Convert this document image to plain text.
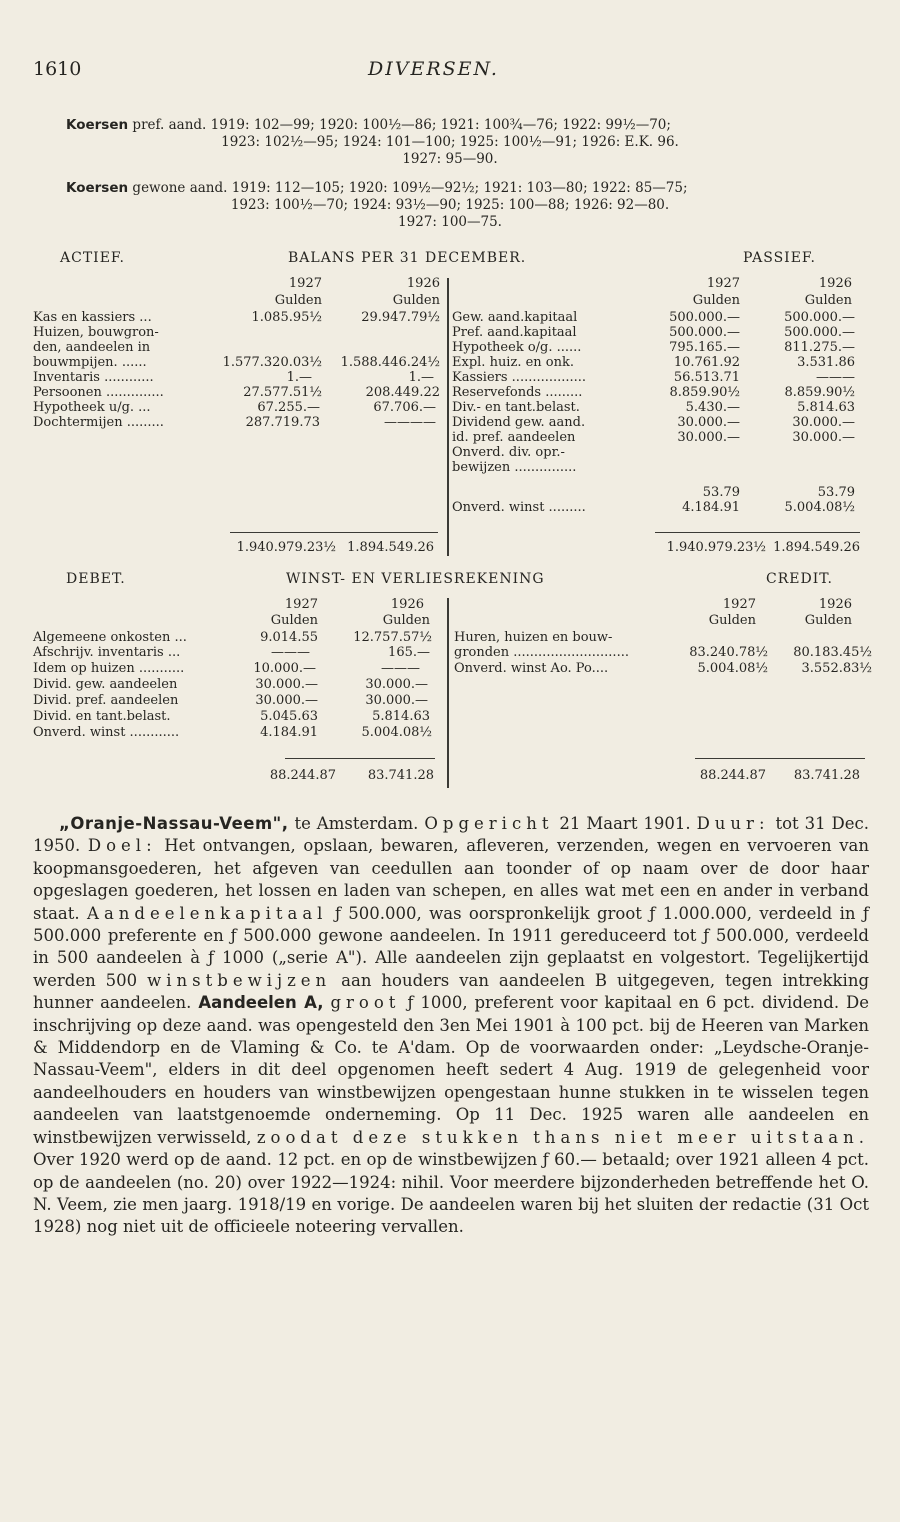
1610	DIVERSEN.
Koersen pref. aand. 1919: 102—99; 1920: 100½—86; 1921: 100¾—76; 1922: 99½—70;
1923: 102½—95; 1924: 101—100; 1925: 100½—91; 1926: E.K. 96.
1927: 95—90.
Koersen gewone aand. 1919: 112—105; 1920: 109½—92½; 1921: 103—80; 1922: 85—75;
1923: 100½—70; 1924: 93½—90; 1925: 100—88; 1926: 92—80.
1927: 100—75.
ACTIEF.	BALANS PER 31 DECEMBER.	PASSIEF.
1927	1926	1927	1926
Gulden	Gulden	Gulden	Gulden
Kas en kassiers ...	1.085.95½	29.947.79½
Huizen, bouwgron-
den, aandeelen in
bouwmpijen. ......	1.577.320.03½	1.588.446.24½
Inventaris ............	1.—	1.—
Persoonen ..............	27.577.51½	208.449.22
Hypotheek u/g. ...	67.255.—	67.706.—
Dochtermijen .........	287.719.73	————
Gew. aand.kapitaal	500.000.—	500.000.—
Pref. aand.kapitaal	500.000.—	500.000.—
Hypotheek o/g. ......	795.165.—	811.275.—
Expl. huiz. en onk.	10.761.92	3.531.86
Kassiers ..................	56.513.71	———
Reservefonds .........	8.859.90½	8.859.90½
Div.- en tant.belast.	5.430.—	5.814.63
Dividend gew. aand.	30.000.—	30.000.—
id. pref. aandeelen	30.000.—	30.000.—
Onverd. div. opr.-
bewijzen ...............
53.79	53.79
Onverd. winst .........	4.184.91	5.004.08½
1.940.979.23½ 1.894.549.26	1.940.979.23½ 1.894.549.26
DEBET.	WINST- EN VERLIESREKENING	CREDIT.
1927	1926	1927	1926
Gulden	Gulden	Gulden	Gulden
Algemeene onkosten ...	9.014.55	12.757.57½
Afschrijv. inventaris ...	———	165.—
Idem op huizen ...........	10.000.—	———
Divid. gew. aandeelen	30.000.—	30.000.—
Divid. pref. aandeelen	30.000.—	30.000.—
Divid. en tant.belast.	5.045.63	5.814.63
Onverd. winst ............	4.184.91	5.004.08½
Huren, huizen en bouw-
gronden ............................	83.240.78½	80.183.45½
Onverd. winst Ao. Po....	5.004.08½	3.552.83½
88.244.87	83.741.28	88.244.87	83.741.28

„Oranje-Nassau-Veem", te Amsterdam. Opgericht 21 Maart 1901. Duur: tot 31 Dec. 1950. Doel: Het ontvangen, opslaan, bewaren, afleveren, verzenden, wegen en vervoeren van koopmansgoederen, het afgeven van ceedullen aan toonder of op naam over de door haar opgeslagen goederen, het lossen en laden van schepen, en alles wat met een en ander in verband staat. Aandeelenkapitaal ƒ 500.000, was oorspronkelijk groot ƒ 1.000.000, verdeeld in ƒ 500.000 preferente en ƒ 500.000 gewone aandeelen. In 1911 gereduceerd tot ƒ 500.000, verdeeld in 500 aandeelen à ƒ 1000 („serie A"). Alle aandeelen zijn geplaatst en volgestort. Tegelijkertijd werden 500 winstbewijzen aan houders van aandeelen B uitgegeven, tegen intrekking hunner aandeelen. Aandeelen A, groot ƒ 1000, preferent voor kapitaal en 6 pct. dividend. De inschrijving op deze aand. was opengesteld den 3en Mei 1901 à 100 pct. bij de Heeren van Marken & Middendorp en de Vlaming & Co. te A'dam. Op de voorwaarden onder: „Leydsche-Oranje-Nassau-Veem", elders in dit deel opgenomen heeft sedert 4 Aug. 1919 de gelegenheid voor aandeelhouders en houders van winstbewijzen opengestaan hunne stukken in te wisselen tegen aandeelen van laatstgenoemde onderneming. Op 11 Dec. 1925 waren alle aandeelen en winstbewijzen verwisseld, zoodat deze stukken thans niet meer uitstaan. Over 1920 werd op de aand. 12 pct. en op de winstbewijzen ƒ 60.— betaald; over 1921 alleen 4 pct. op de aandeelen (no. 20) over 1922—1924: nihil. Voor meerdere bijzonderheden betreffende het O. N. Veem, zie men jaarg. 1918/19 en vorige. De aandeelen waren bij het sluiten der redactie (31 Oct 1928) nog niet uit de officieele noteering vervallen.
